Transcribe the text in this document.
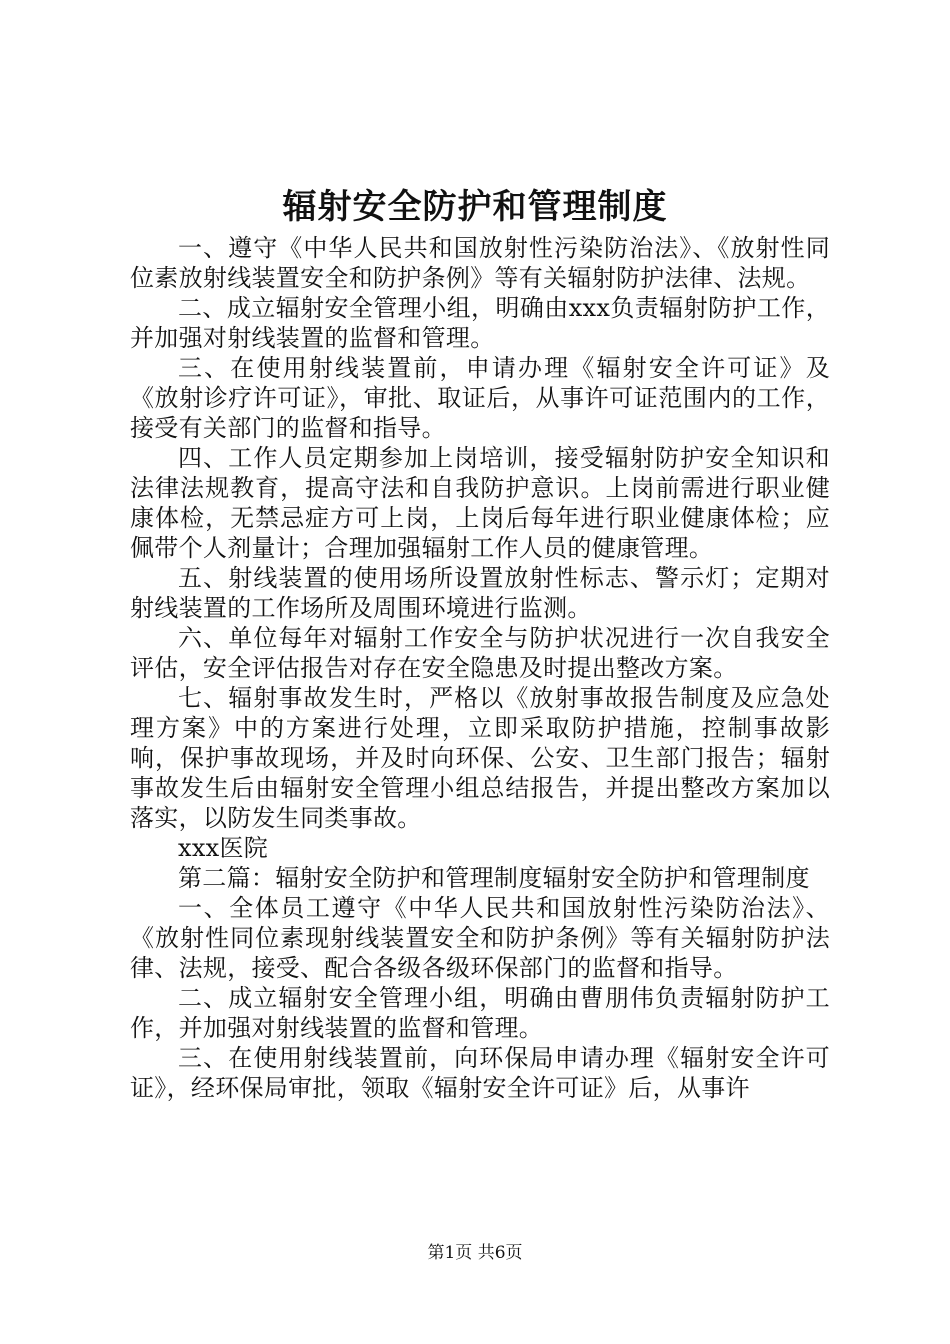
辐射安全防护和管理制度

一、遵守《中华人民共和国放射性污染防治法》、《放射性同位素放射线装置安全和防护条例》等有关辐射防护法律、法规。

二、成立辐射安全管理小组，明确由xxx负责辐射防护工作，并加强对射线装置的监督和管理。

三、在使用射线装置前，申请办理《辐射安全许可证》及《放射诊疗许可证》，审批、取证后，从事许可证范围内的工作，接受有关部门的监督和指导。

四、工作人员定期参加上岗培训，接受辐射防护安全知识和法律法规教育，提高守法和自我防护意识。上岗前需进行职业健康体检，无禁忌症方可上岗，上岗后每年进行职业健康体检；应佩带个人剂量计；合理加强辐射工作人员的健康管理。

五、射线装置的使用场所设置放射性标志、警示灯；定期对射线装置的工作场所及周围环境进行监测。

六、单位每年对辐射工作安全与防护状况进行一次自我安全评估，安全评估报告对存在安全隐患及时提出整改方案。

七、辐射事故发生时，严格以《放射事故报告制度及应急处理方案》中的方案进行处理，立即采取防护措施，控制事故影响，保护事故现场，并及时向环保、公安、卫生部门报告；辐射事故发生后由辐射安全管理小组总结报告，并提出整改方案加以落实，以防发生同类事故。

xxx医院

第二篇：辐射安全防护和管理制度辐射安全防护和管理制度

一、全体员工遵守《中华人民共和国放射性污染防治法》、《放射性同位素现射线装置安全和防护条例》等有关辐射防护法律、法规，接受、配合各级各级环保部门的监督和指导。

二、成立辐射安全管理小组，明确由曹朋伟负责辐射防护工作，并加强对射线装置的监督和管理。

三、在使用射线装置前，向环保局申请办理《辐射安全许可证》，经环保局审批，领取《辐射安全许可证》后，从事许

第1页 共6页
